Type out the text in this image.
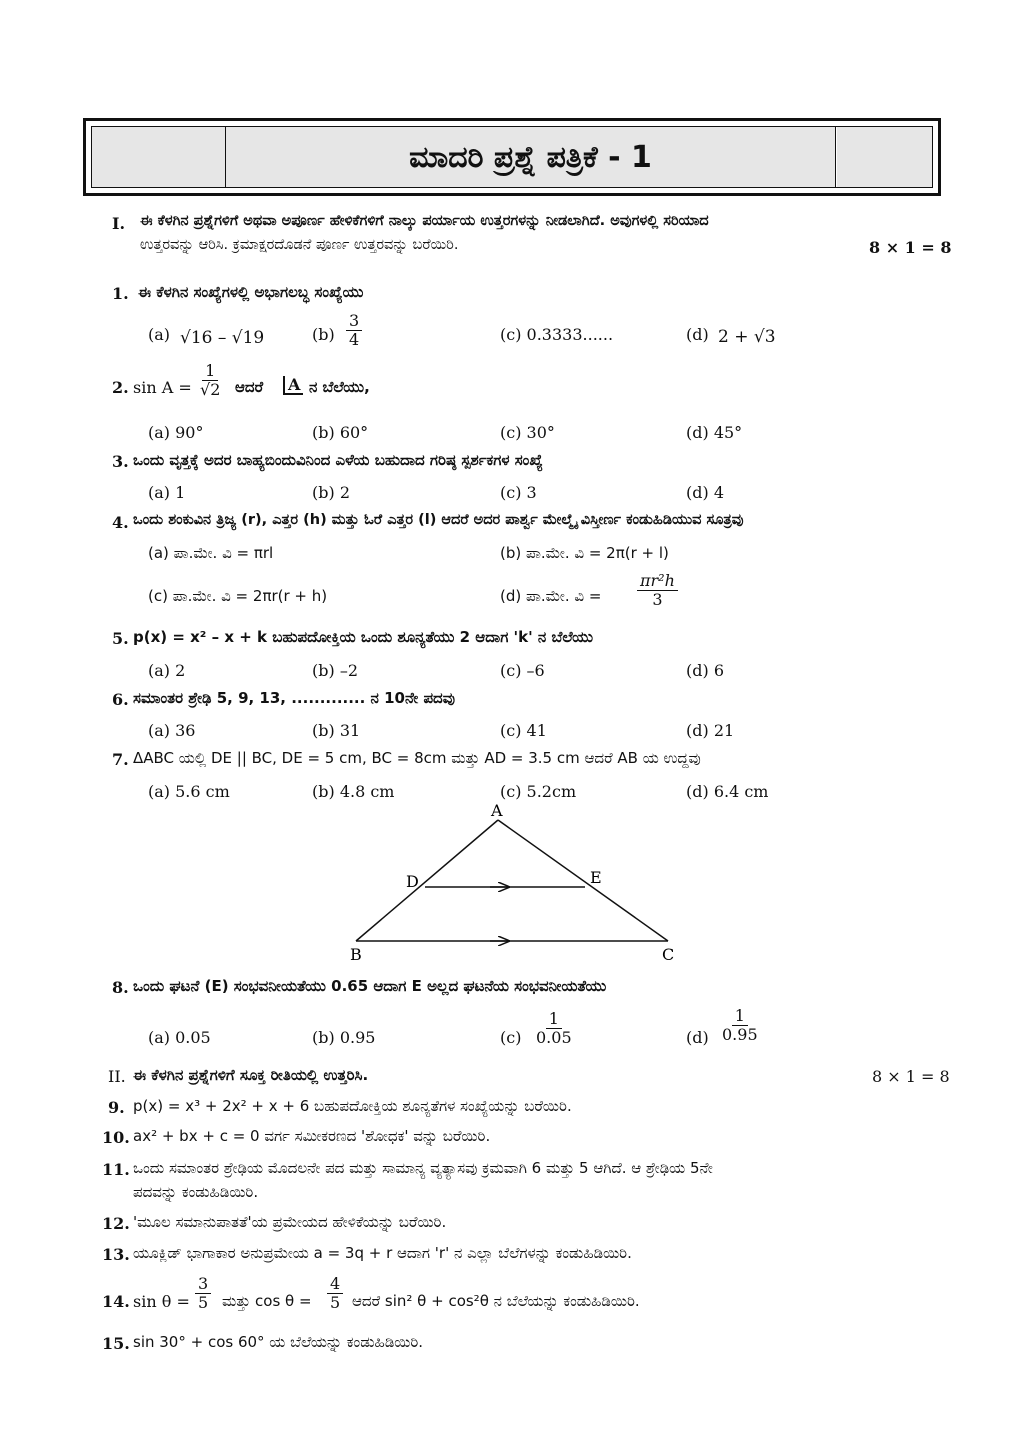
ಮಾದರಿ ಪ್ರಶ್ನೆ ಪತ್ರಿಕೆ - 1
I. ಈ ಕೆಳಗಿನ ಪ್ರಶ್ನೆಗಳಿಗೆ ಅಥವಾ ಅಪೂರ್ಣ ಹೇಳಿಕೆಗಳಿಗೆ ನಾಲ್ಕು ಪರ್ಯಾಯ ಉತ್ತರಗಳನ್ನು ನೀಡಲಾಗಿದೆ. ಅವುಗಳಲ್ಲಿ ಸರಿಯಾದ
ಉತ್ತರವನ್ನು ಆರಿಸಿ. ಕ್ರಮಾಕ್ಷರದೊಡನೆ ಪೂರ್ಣ ಉತ್ತರವನ್ನು ಬರೆಯಿರಿ.	8 × 1 = 8
1. ಈ ಕೆಳಗಿನ ಸಂಖ್ಯೆಗಳಲ್ಲಿ ಅಭಾಗಲಬ್ಧ ಸಂಖ್ಯೆಯು
(a) √16 – √19	$(b) \frac{3}{4}$	(c) 0.3333......	(d) 2 + √3
2. $\sin A = \frac{1}{√2}$ ಆದರೆ	A ನ ಬೆಲೆಯು,
(a) 90°	(b) 60°	(c) 30°	(d) 45°
3. ಒಂದು ವೃತ್ತಕ್ಕೆ ಅದರ ಬಾಹ್ಯಬಿಂದುವಿನಿಂದ ಎಳೆಯ ಬಹುದಾದ ಗರಿಷ್ಠ ಸ್ಪರ್ಶಕಗಳ ಸಂಖ್ಯೆ
(a) 1	(b) 2	(c) 3	(d) 4
4. ಒಂದು ಶಂಕುವಿನ ತ್ರಿಜ್ಯ (r), ಎತ್ತರ (h) ಮತ್ತು ಓರೆ ಎತ್ತರ (l) ಆದರೆ ಅದರ ಪಾರ್ಶ್ವ ಮೇಲ್ಮೈ ವಿಸ್ತೀರ್ಣ ಕಂಡುಹಿಡಿಯುವ ಸೂತ್ರವು
(a) ಪಾ.ಮೇ. ವಿ = πrl	(b) ಪಾ.ಮೇ. ವಿ = 2π(r + l)
(c) ಪಾ.ಮೇ. ವಿ = 2πr(r + h)	(d) ಪಾ.ಮೇ. ವಿ = $\frac{\text{πr²h}}{3}$
5. p(x) = x² – x + k ಬಹುಪದೋಕ್ತಿಯ ಒಂದು ಶೂನ್ಯತೆಯು 2 ಆದಾಗ 'k' ನ ಬೆಲೆಯು
(a) 2	(b) –2	(c) –6	(d) 6
6. ಸಮಾಂತರ ಶ್ರೇಢಿ 5, 9, 13, ............. ನ 10ನೇ ಪದವು
(a) 36	(b) 31	(c) 41	(d) 21
7. ΔABC ಯಲ್ಲಿ DE || BC, DE = 5 cm, BC = 8cm ಮತ್ತು AD = 3.5 cm ಆದರೆ AB ಯ ಉದ್ದವು
(a) 5.6 cm	(b) 4.8 cm	(c) 5.2cm	(d) 6.4 cm
A
D	E
B	C
8. ಒಂದು ಘಟನೆ (E) ಸಂಭವನೀಯತೆಯು 0.65 ಆದಾಗ E ಅಲ್ಲದ ಘಟನೆಯ ಸಂಭವನೀಯತೆಯು
(a) 0.05	(b) 0.95	$(c) \frac{1}{0.05}$	$(d) \frac{1}{0.95}$
II. ಈ ಕೆಳಗಿನ ಪ್ರಶ್ನೆಗಳಿಗೆ ಸೂಕ್ತ ರೀತಿಯಲ್ಲಿ ಉತ್ತರಿಸಿ.	8 × 1 = 8
9. p(x) = x³ + 2x² + x + 6 ಬಹುಪದೋಕ್ತಿಯ ಶೂನ್ಯತೆಗಳ ಸಂಖ್ಯೆಯನ್ನು ಬರೆಯಿರಿ.
10. ax² + bx + c = 0 ವರ್ಗ ಸಮೀಕರಣದ 'ಶೋಧಕ' ವನ್ನು ಬರೆಯಿರಿ.
11. ಒಂದು ಸಮಾಂತರ ಶ್ರೇಢಿಯ ಮೊದಲನೇ ಪದ ಮತ್ತು ಸಾಮಾನ್ಯ ವ್ಯತ್ಯಾಸವು ಕ್ರಮವಾಗಿ 6 ಮತ್ತು 5 ಆಗಿದೆ. ಆ ಶ್ರೇಢಿಯ 5ನೇ
ಪದವನ್ನು ಕಂಡುಹಿಡಿಯಿರಿ.
12. 'ಮೂಲ ಸಮಾನುಪಾತತೆ'ಯ ಪ್ರಮೇಯದ ಹೇಳಿಕೆಯನ್ನು ಬರೆಯಿರಿ.
13. ಯೂಕ್ಲಿಡ್ ಭಾಗಾಕಾರ ಅನುಪ್ರಮೇಯ a = 3q + r ಆದಾಗ 'r' ನ ಎಲ್ಲಾ ಬೆಲೆಗಳನ್ನು ಕಂಡುಹಿಡಿಯಿರಿ.
14. $\sin \theta = \frac{3}{5}$ ಮತ್ತು $\cos \theta = \frac{4}{5}$ ಆದರೆ sin² θ + cos²θ ನ ಬೆಲೆಯನ್ನು ಕಂಡುಹಿಡಿಯಿರಿ.
15. sin 30° + cos 60° ಯ ಬೆಲೆಯನ್ನು ಕಂಡುಹಿಡಿಯಿರಿ.
